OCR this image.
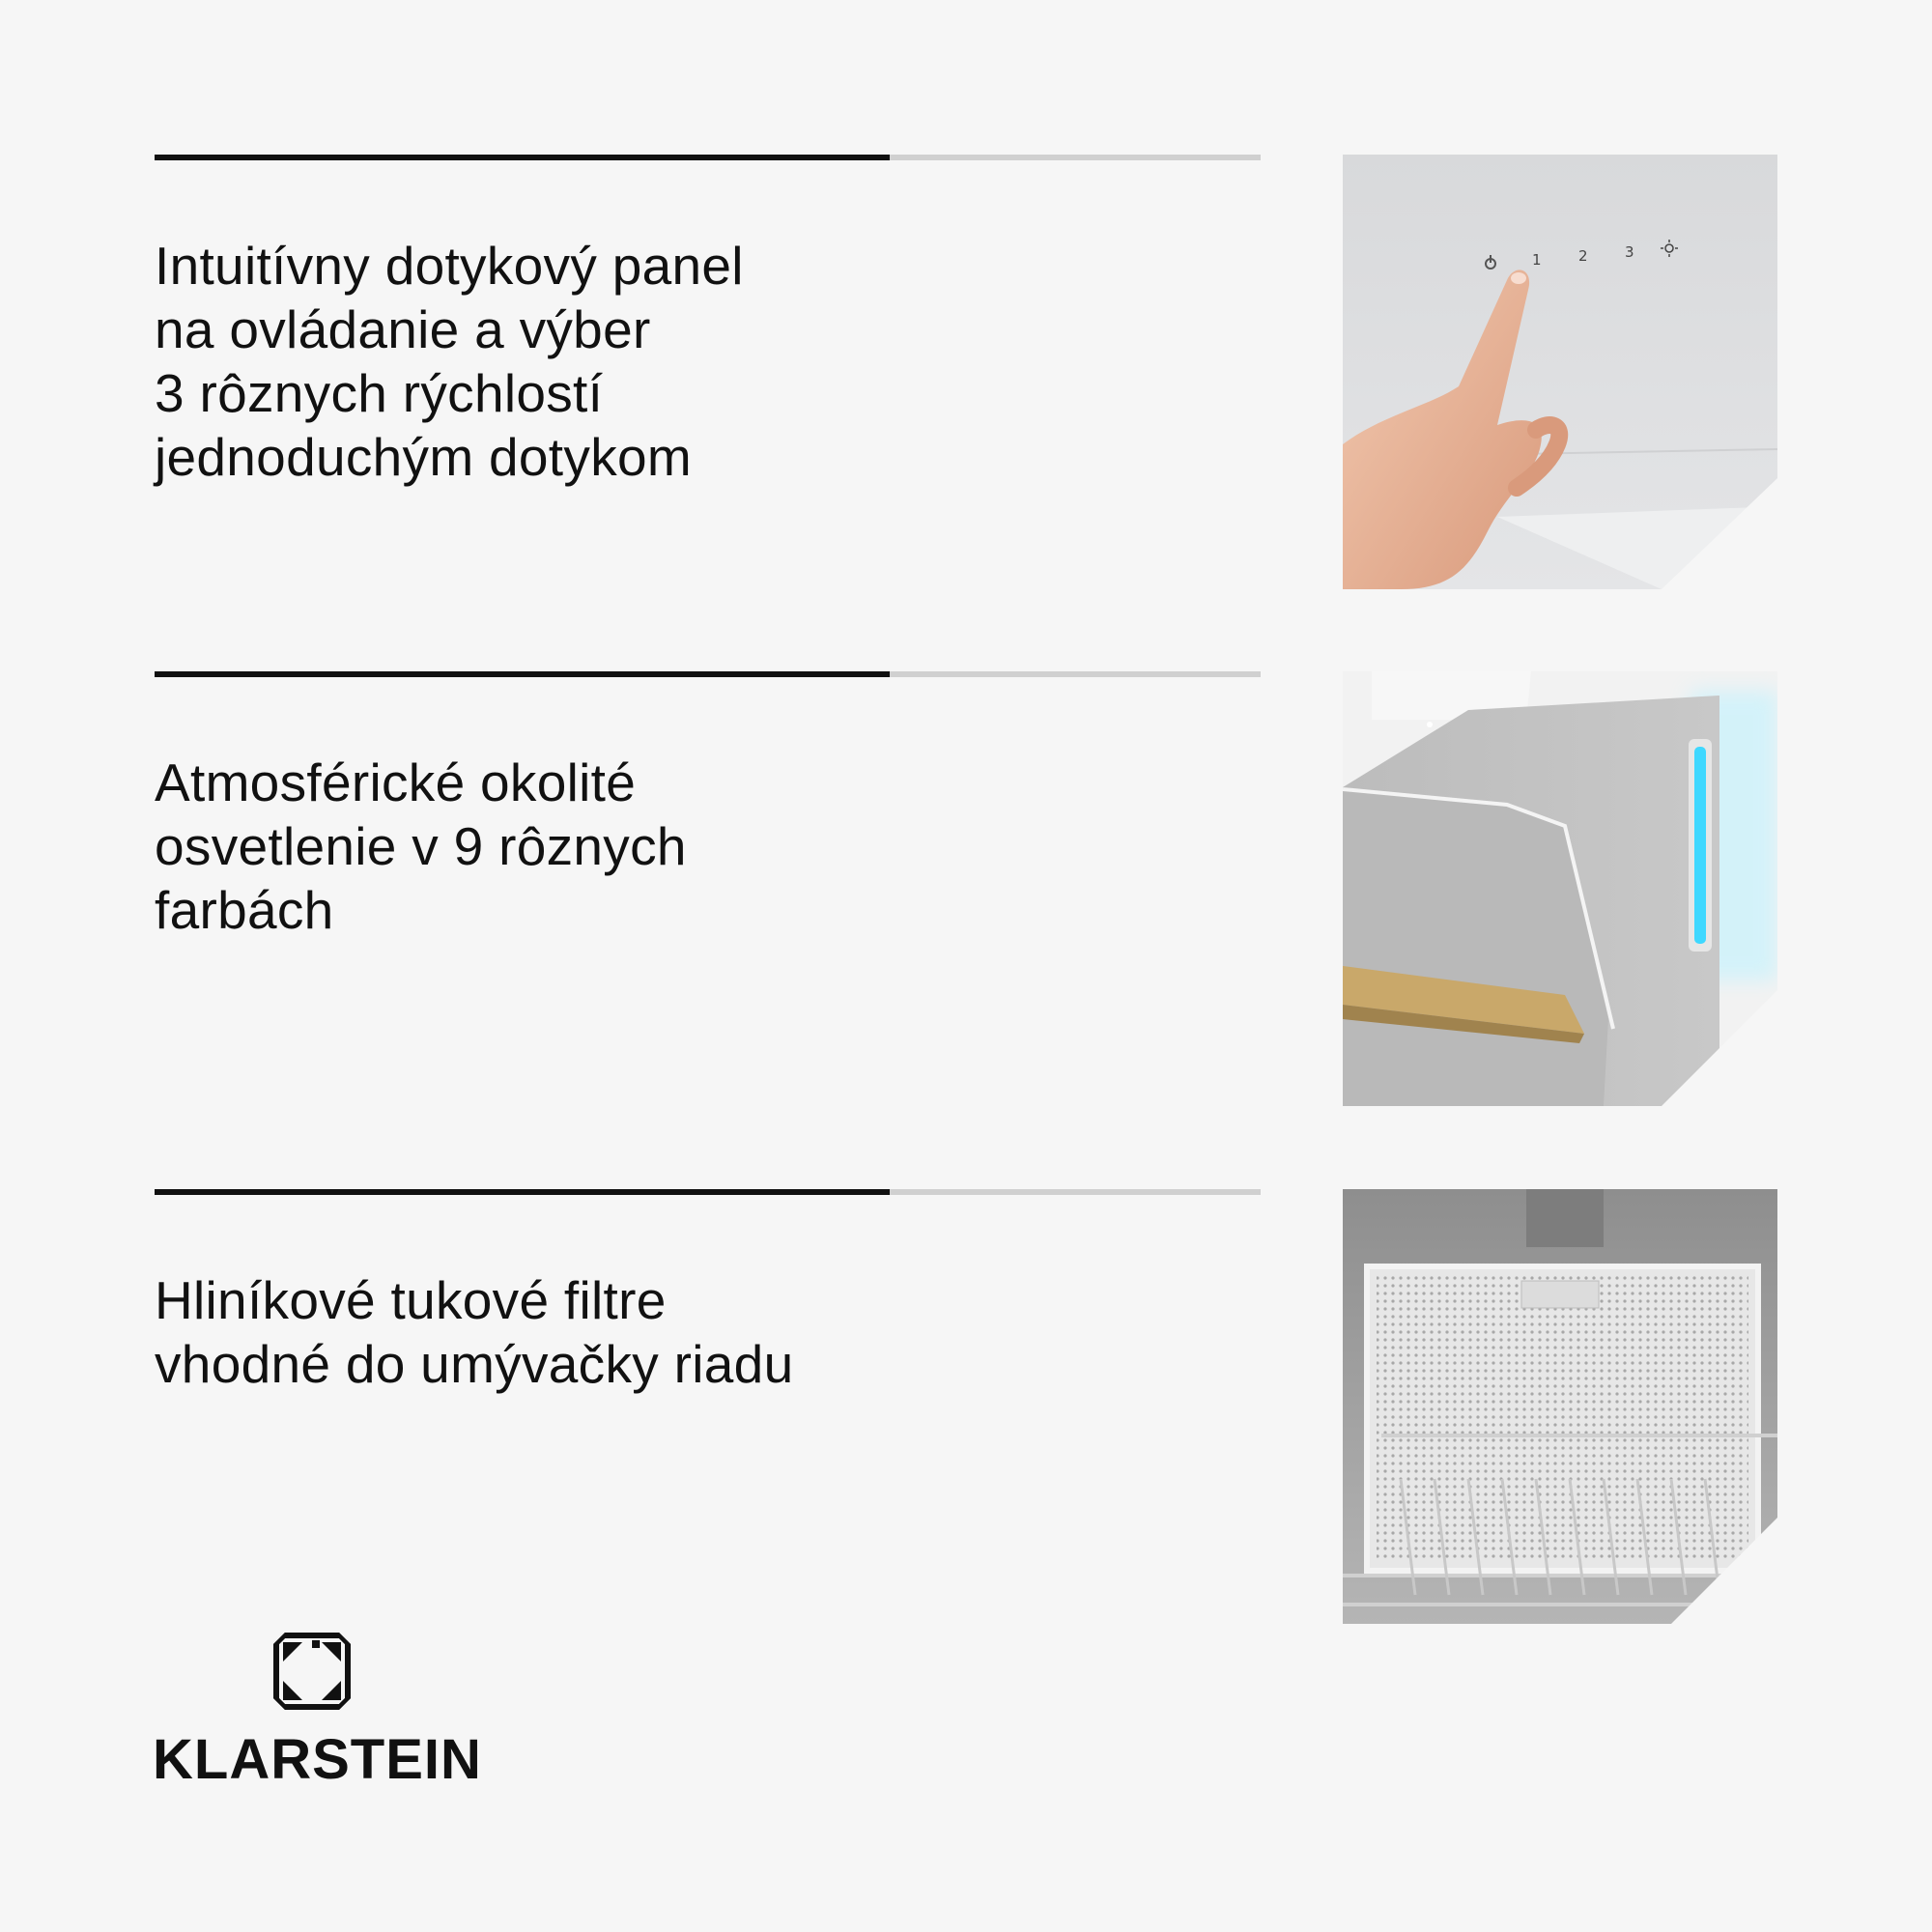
Intuitívny dotykový panel
na ovládanie a výber
3 rôznych rýchlostí
jednoduchým dotykom
1	2	3
Atmosférické okolité
osvetlenie v 9 rôznych
farbách
Hliníkové tukové filtre
vhodné do umývačky riadu
KLARSTEIN
